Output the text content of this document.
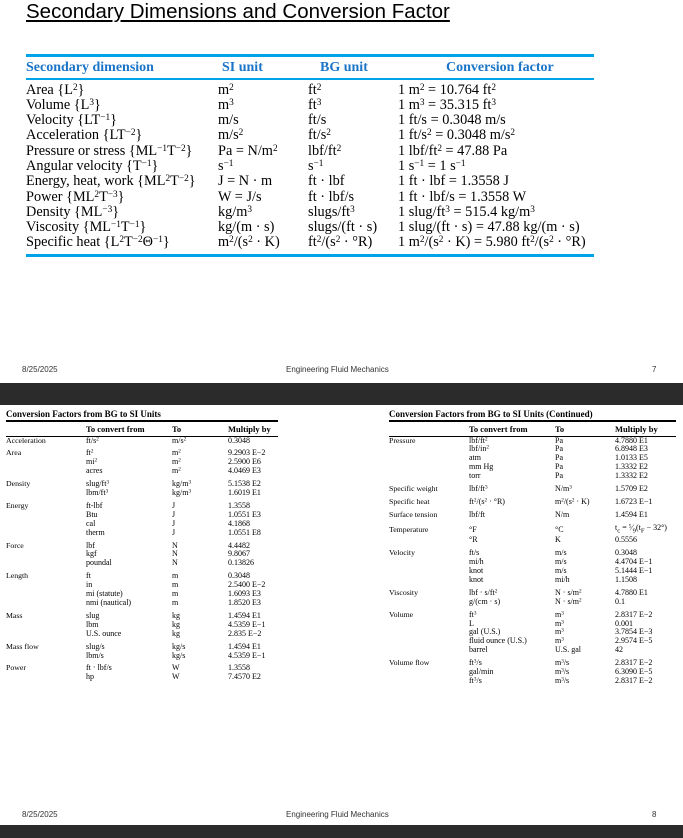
Secondary Dimensions and Conversion Factor
Secondary dimension	SI unit	BG unit	Conversion factor
Area $\{L^2\}$	$m^2$	$ft^2$	1 $m^2 = 10.764$ $ft^2$
Volume $\{L^3\}$	$m^3$	$ft^3$	1 $m^3 = 35.315$ $ft^3$
Velocity $\{LT^{-1}\}$	m/s	ft/s	1 ft/s = 0.3048 m/s
Acceleration $\{LT^{-2}\}$	$m/s^2$	$ft/s^2$	1 $ft/s^2 = 0.3048$ $m/s^2$
Pressure or stress $\{ML^{-1}T^{-2}\}$	$Pa = N/m^2$	lbf/$ft^2$	1 lbf/$ft^2 = 47.88$ Pa
Angular velocity $\{T^{-1}\}$	$s^{-1}$	$s^{-1}$	1 $s^{-1} = 1$ $s^{-1}$
Energy, heat, work $\{ML^2T^{-2}\}$	J = N · m	ft · lbf	1 ft · lbf = 1.3558 J
Power $\{ML^2T^{-3}\}$	W = J/s	ft · lbf/s	1 ft · lbf/s = 1.3558 W
Density $\{ML^{-3}\}$	$kg/m^3$	slugs/$ft^3$	1 slug/$ft^3 = 515.4$ $kg/m^3$
Viscosity $\{ML^{-1}T^{-1}\}$	kg/(m · s)	slugs/(ft · s)	1 slug/(ft · s) = 47.88 kg/(m · s)
Specific heat $\{L^2T^{-2}\Theta^{-1}\}$	$m^2/(s^2 \cdot K)$	$ft^2/(s^2 \cdot ^\circ R)$	1 $m^2/(s^2 \cdot K) = 5.980$ $ft^2/(s^2 \cdot ^\circ R)$
8/25/2025	Engineering Fluid Mechanics	7
Conversion Factors from BG to SI Units
	To convert from	To	Multiply by
Acceleration	$ft/s^2$	$m/s^2$	0.3048
Area	$ft^2$	$m^2$	9.2903 E−2
	$mi^2$	$m^2$	2.5900 E6
	acres	$m^2$	4.0469 E3
Density	slug/$ft^3$	$kg/m^3$	5.1538 E2
	lbm/$ft^3$	$kg/m^3$	1.6019 E1
Energy	ft-lbf	J	1.3558
	Btu	J	1.0551 E3
	cal	J	4.1868
	therm	J	1.0551 E8
Force	lbf	N	4.4482
	kgf	N	9.8067
	poundal	N	0.13826
Length	ft	m	0.3048
	in	m	2.5400 E−2
	mi (statute)	m	1.6093 E3
	nmi (nautical)	m	1.8520 E3
Mass	slug	kg	1.4594 E1
	lbm	kg	4.5359 E−1
	U.S. ounce	kg	2.835 E−2
Mass flow	slug/s	kg/s	1.4594 E1
	lbm/s	kg/s	4.5359 E−1
Power	ft · lbf/s	W	1.3558
	hp	W	7.4570 E2
Conversion Factors from BG to SI Units (Continued)
	To convert from	To	Multiply by
Pressure	lbf/$ft^2$	Pa	4.7880 E1
	lbf/$in^2$	Pa	6.8948 E3
	atm	Pa	1.0133 E5
	mm Hg	Pa	1.3332 E2
	torr	Pa	1.3332 E2
Specific weight	lbf/$ft^3$	$N/m^3$	1.5709 E2
Specific heat	$ft^2/(s^2 \cdot ^\circ R)$	$m^2/(s^2 \cdot K)$	1.6723 E−1
Surface tension	lbf/ft	N/m	1.4594 E1
Temperature	°F	°C	$t_c$ = $^5⁄_9(t_F - 32^\circ)$
	°R	K	0.5556
Velocity	ft/s	m/s	0.3048
	mi/h	m/s	4.4704 E−1
	knot	m/s	5.1444 E−1
	knot	mi/h	1.1508
Viscosity	lbf · $s/ft^2$	$N \cdot s/m^2$	4.7880 E1
	g/(cm · s)	$N \cdot s/m^2$	0.1
Volume	$ft^3$	$m^3$	2.8317 E−2
	L	$m^3$	0.001
	gal (U.S.)	$m^3$	3.7854 E−3
	fluid ounce (U.S.)	$m^3$	2.9574 E−5
	barrel	U.S. gal	42
Volume flow	$ft^3/s$	$m^3/s$	2.8317 E−2
	gal/min	$m^3/s$	6.3090 E−5
	$ft^3/s$	$m^3/s$	2.8317 E−2
8/25/2025	Engineering Fluid Mechanics	8
